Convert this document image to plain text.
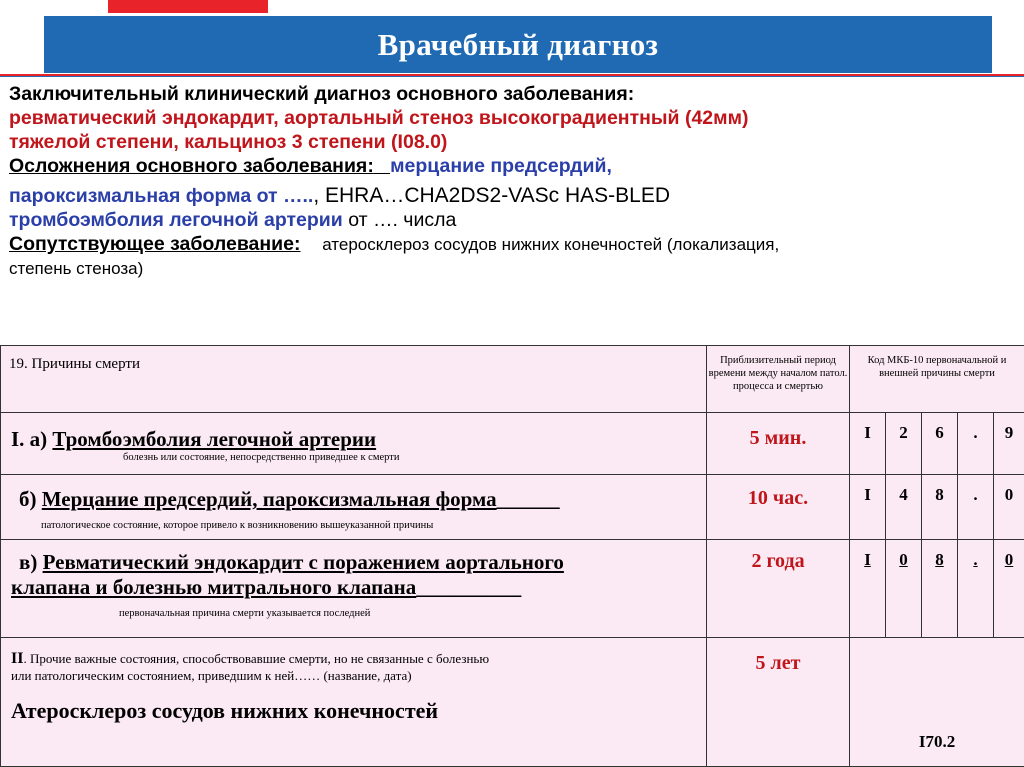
Врачебный диагноз
Заключительный клинический диагноз основного заболевания:
ревматический эндокардит, аортальный стеноз высокоградиентный (42мм)
тяжелой степени, кальциноз 3 степени (I08.0)
Осложнения основного заболевания: мерцание предсердий,
пароксизмальная форма от ….., EHRA…CHA2DS2-VASc HAS-BLED
тромбоэмболия легочной артерии от …. числа
Сопутствующее заболевание: атеросклероз сосудов нижних конечностей (локализация,
степень стеноза)
19. Причины смерти	Приблизительный период времени между началом патол. процесса и смертью	Код МКБ-10 первоначальной и внешней причины смерти				

I. а) Тромбоэмболия легочной артерии
болезнь или состояние, непосредственно приведшее к смерти	5 мин.	I	2	6	.	9

б) Мерцание предсердий, пароксизмальная форма______
патологическое состояние, которое привело к возникновению вышеуказанной причины	10 час.	I	4	8	.	0

в) Ревматический эндокардит с поражением аортального
клапана и болезнью митрального клапана__________
первоначальная причина смерти указывается последней	2 года	I	0	8	.	0

II. Прочие важные состояния, способствовавшие смерти, но не связанные с болезнью
или патологическим состоянием, приведшим к ней…… (название, дата)
Атеросклероз сосудов нижних конечностей	5 лет	I70.2				
